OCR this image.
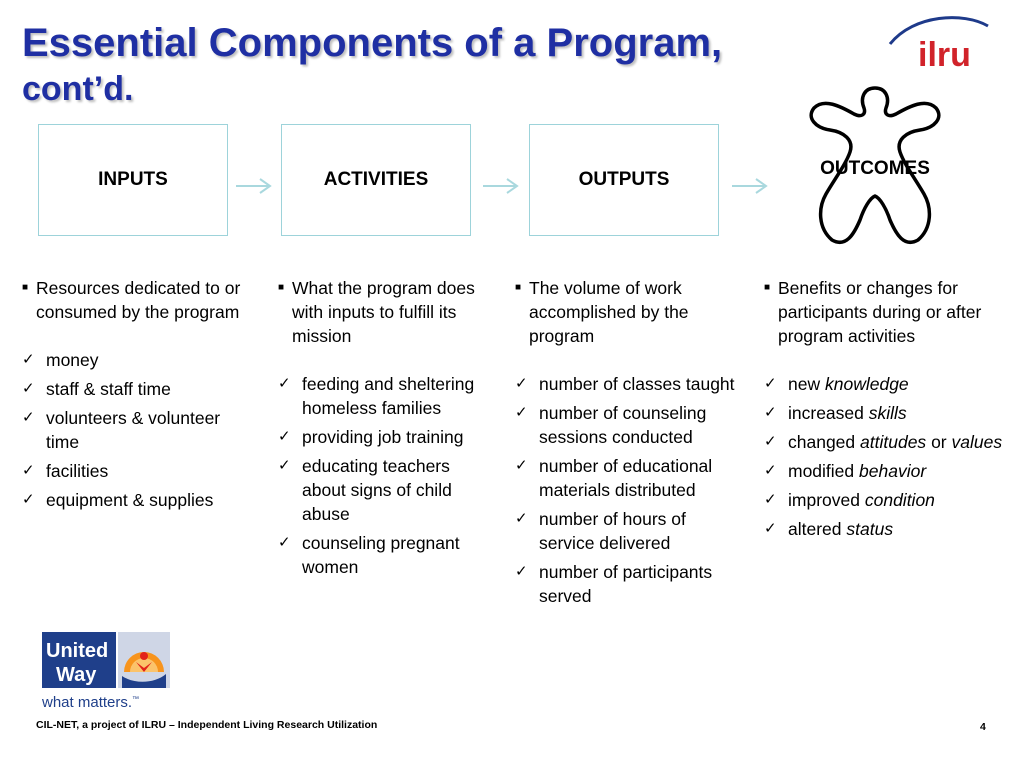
Essential Components of a Program,
cont’d.
ilru
INPUTS	ACTIVITIES	OUTPUTS
OUTCOMES
■ Resources dedicated to or consumed by the program
✓ money
✓ staff & staff time
✓ volunteers & volunteer time
✓ facilities
✓ equipment & supplies
■ What the program does with inputs to fulfill its mission
✓ feeding and sheltering homeless families
✓ providing job training
✓ educating teachers about signs of child abuse
✓ counseling pregnant women
■ The volume of work accomplished by the program
✓ number of classes taught
✓ number of counseling sessions conducted
✓ number of educational materials distributed
✓ number of hours of service delivered
✓ number of participants served
■ Benefits or changes for participants during or after program activities
✓ new knowledge
✓ increased skills
✓ changed attitudes or values
✓ modified behavior
✓ improved condition
✓ altered status
United
Way
what matters.™
CIL-NET, a project of ILRU – Independent Living Research Utilization	4
